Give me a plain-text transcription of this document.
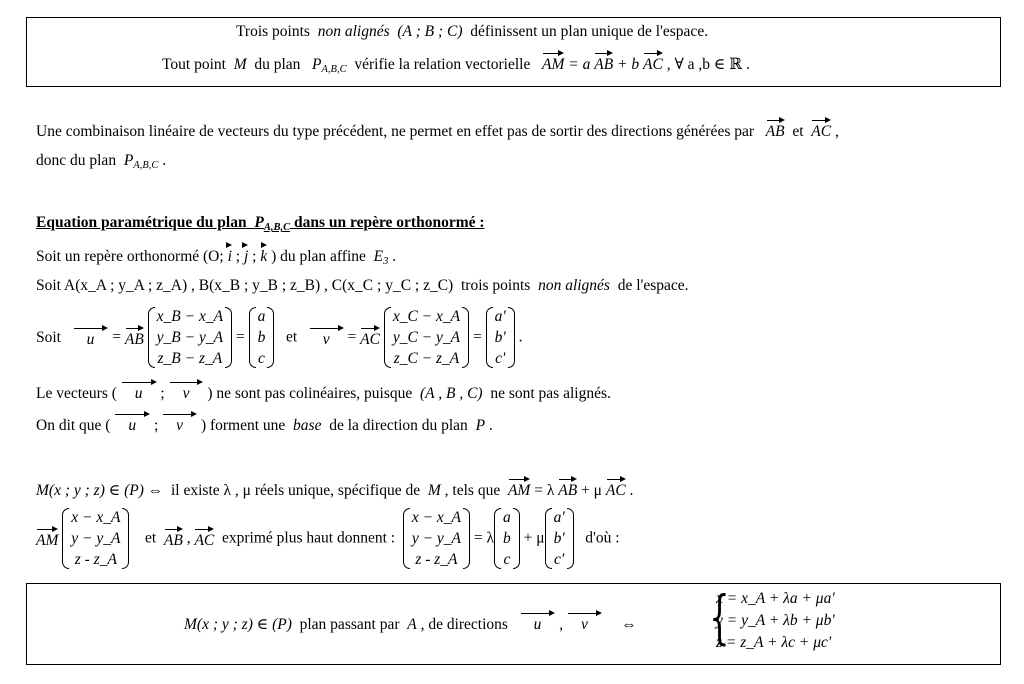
Trois points non alignés (A ; B ; C) définissent un plan unique de l'espace.
Tout point M du plan $P_{A,B,C}$ vérifie la relation vectorielle AM = a AB + b AC , ∀ a ,b ∈ ℝ .
Une combinaison linéaire de vecteurs du type précédent, ne permet en effet pas de sortir des directions générées par AB et AC ,
donc du plan $P_{A,B,C}$ .
Equation paramétrique du plan $P_{A,B,C}$ dans un repère orthonormé :
Soit un repère orthonormé (O; i ; j ; k ) du plan affine $E_3$ .
Soit A(x_A ; y_A ; z_A) , B(x_B ; y_B ; z_B) , C(x_C ; y_C ; z_C) trois points non alignés de l'espace.
Soit u = AB
x_B − x_A
y_B − y_A
z_B − z_A
=
a
b
c
et v = AC
x_C − x_A
y_C − y_A
z_C − z_A
=
a'
b'
c'
.
Le vecteurs ( u ; v ) ne sont pas colinéaires, puisque (A , B , C) ne sont pas alignés.
On dit que ( u ; v ) forment une base de la direction du plan P .
M(x ; y ; z) ∈ (P) ⇔ il existe λ , μ réels unique, spécifique de M , tels que AM = λ AB + μ AC .
AM
x − x_A
y − y_A
z - z_A
et AB , AC exprimé plus haut donnent :
x − x_A
y − y_A
z - z_A
= λ
a
b
c
+ μ
a'
b'
c'
d'où :
M(x ; y ; z) ∈ (P) plan passant par A , de directions u , v ⇔ {
x = x_A + λa + μa'
y = y_A + λb + μb'
z = z_A + λc + μc'
